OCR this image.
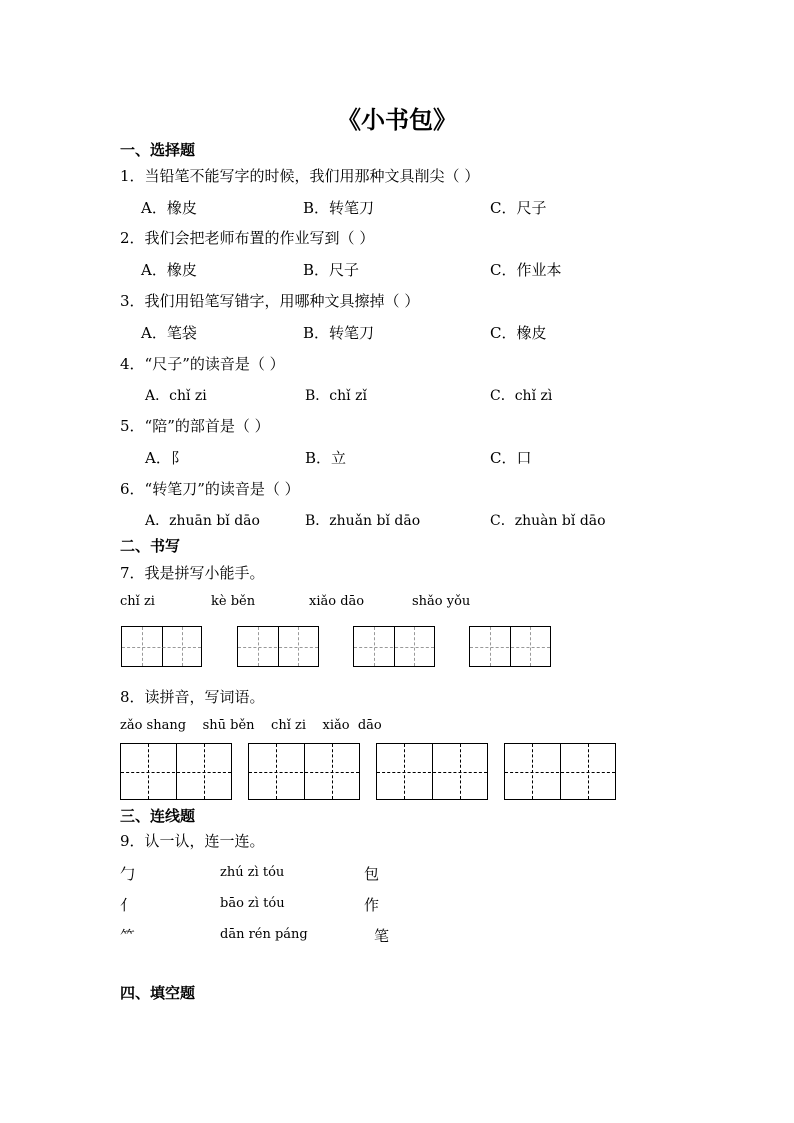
《小书包》
一、选择题
1．当铅笔不能写字的时候，我们用那种文具削尖（ ）
A．橡皮	B．转笔刀	C．尺子
2．我们会把老师布置的作业写到（ ）
A．橡皮	B．尺子	C．作业本
3．我们用铅笔写错字，用哪种文具擦掉（ ）
A．笔袋	B．转笔刀	C．橡皮
4．“尺子”的读音是（ ）
A．chǐ zi	B．chǐ zǐ	C．chǐ zì
5．“陪”的部首是（ ）
A．阝	B．立	C．口
6．“转笔刀”的读音是（ ）
A．zhuān bǐ dāo	B．zhuǎn bǐ dāo	C．zhuàn bǐ dāo
二、书写
7．我是拼写小能手。
chǐ zi	kè běn	xiǎo dāo	shǎo yǒu
8．读拼音，写词语。
zǎo shang    shū běn    chǐ zi    xiǎo  dāo
三、连线题
9．认一认，连一连。
勹	zhú zì tóu	包
亻	bāo zì tóu	作
⺮	dān rén páng	笔
四、填空题
